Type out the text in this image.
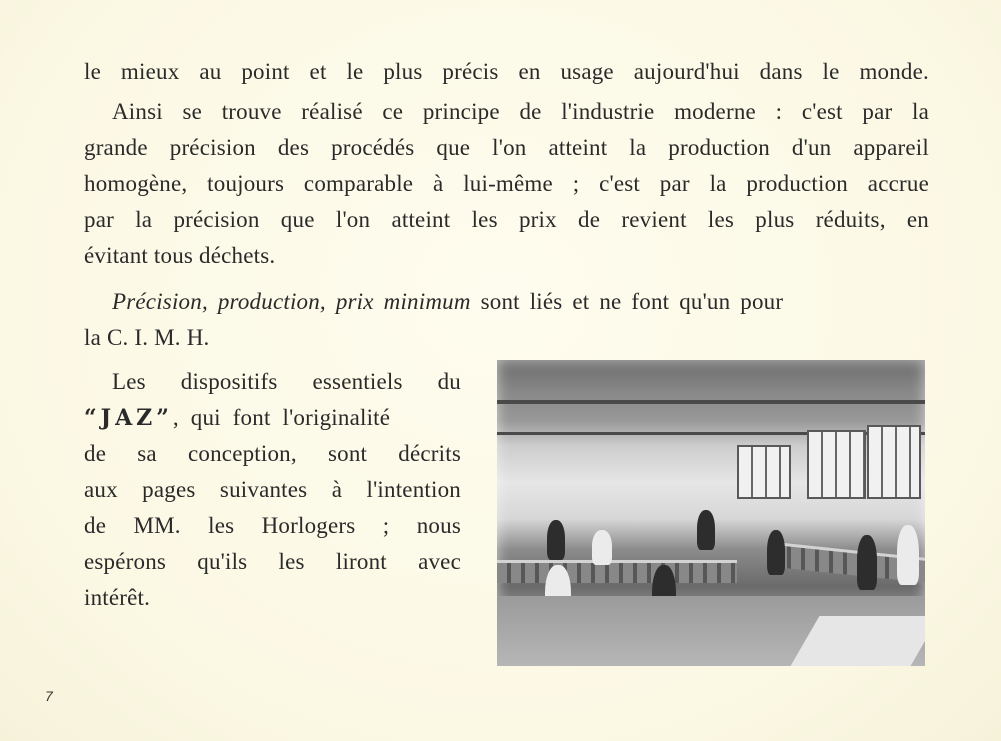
le mieux au point et le plus précis en usage aujourd'hui dans le monde.
Ainsi se trouve réalisé ce principe de l'industrie moderne : c'est par la
grande précision des procédés que l'on atteint la production d'un appareil
homogène, toujours comparable à lui-même ; c'est par la production accrue
par la précision que l'on atteint les prix de revient les plus réduits, en
évitant tous déchets.
Précision, production, prix minimum sont liés et ne font qu'un pour
la C. I. M. H.
Les dispositifs essentiels du
“JAZ”, qui font l'originalité
de sa conception, sont décrits
aux pages suivantes à l'intention
de MM. les Horlogers ; nous
espérons qu'ils les liront avec
intérêt.
7
